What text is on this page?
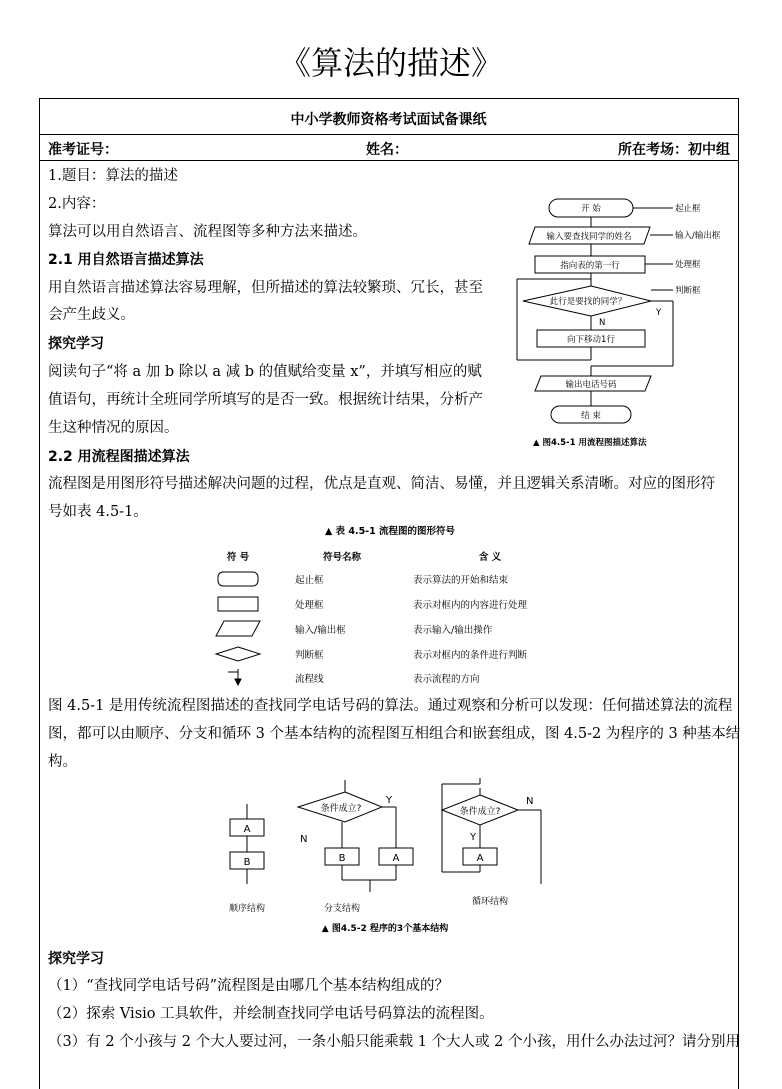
《算法的描述》
中小学教师资格考试面试备课纸
准考证号：	姓名：	所在考场：初中组
1.题目：算法的描述
2.内容：
算法可以用自然语言、流程图等多种方法来描述。
2.1 用自然语言描述算法
用自然语言描述算法容易理解，但所描述的算法较繁琐、冗长，甚至
会产生歧义。
探究学习
阅读句子“将 a 加 b 除以 a 减 b 的值赋给变量 x”，并填写相应的赋
值语句，再统计全班同学所填写的是否一致。根据统计结果，分析产
生这种情况的原因。
2.2 用流程图描述算法
流程图是用图形符号描述解决问题的过程，优点是直观、简洁、易懂，并且逻辑关系清晰。对应的图形符
号如表 4.5-1。
开 始
输入要查找同学的姓名
指向表的第一行
此行是要找的同学？
N
Y
向下移动1行
输出电话号码
结 束
起止框
输入/输出框
处理框
判断框
▲ 图4.5-1 用流程图描述算法
▲ 表 4.5-1 流程图的图形符号
符 号	符号名称	含 义
起止框	表示算法的开始和结束
处理框	表示对框内的内容进行处理
输入/输出框	表示输入/输出操作
判断框	表示对框内的条件进行判断
流程线	表示流程的方向
图 4.5-1 是用传统流程图描述的查找同学电话号码的算法。通过观察和分析可以发现：任何描述算法的流程
图，都可以由顺序、分支和循环 3 个基本结构的流程图互相组合和嵌套组成，图 4.5-2 为程序的 3 种基本结
构。
A
B
条件成立?
Y
N
B	A
条件成立?
N
Y
A
顺序结构	分支结构
循环结构
▲ 图4.5-2 程序的3个基本结构
探究学习
（1）“查找同学电话号码”流程图是由哪几个基本结构组成的？
（2）探索 Visio 工具软件，并绘制查找同学电话号码算法的流程图。
（3）有 2 个小孩与 2 个大人要过河，一条小船只能乘载 1 个大人或 2 个小孩，用什么办法过河？请分别用
